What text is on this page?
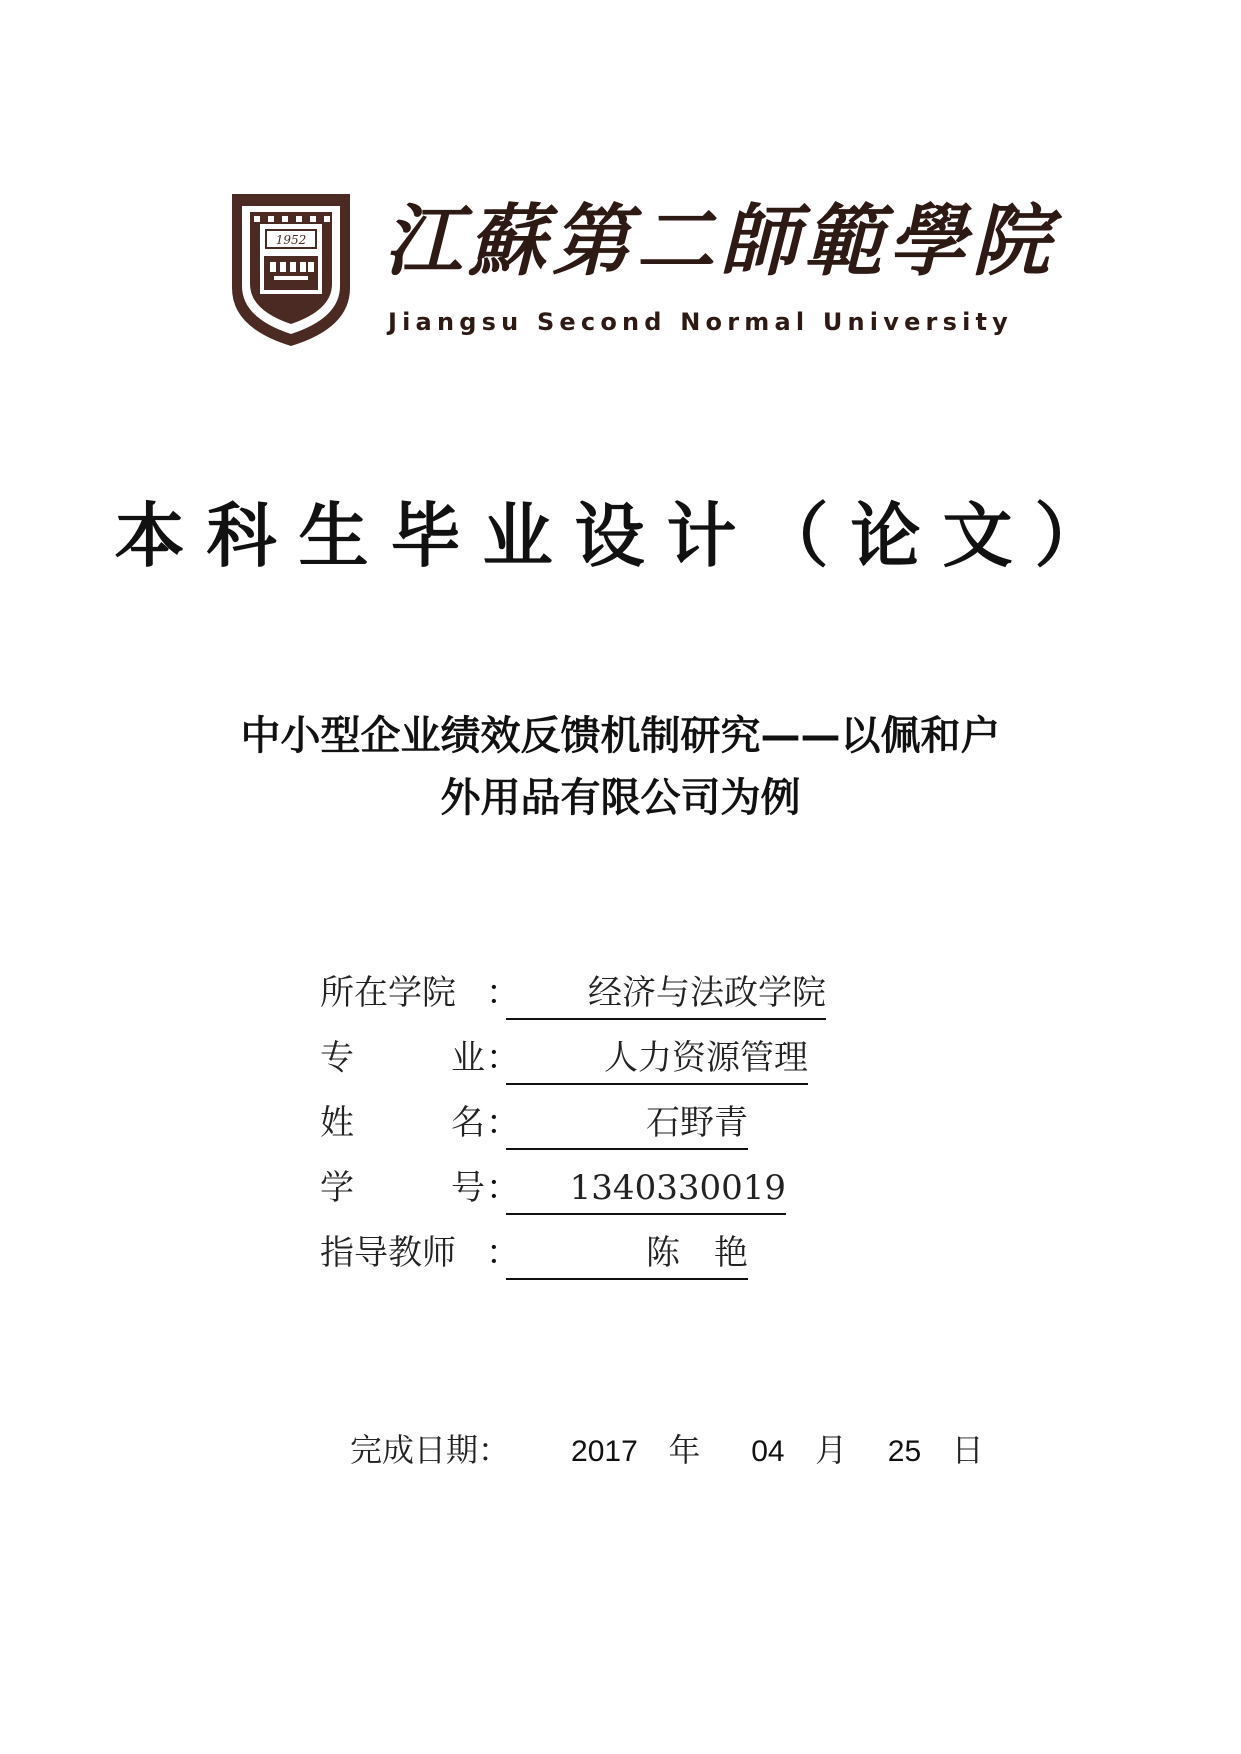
1952 江蘇第二師範學院
Jiangsu Second Normal University
本科生毕业设计（论文）
中小型企业绩效反馈机制研究——以佩和户
外用品有限公司为例
所在学院 ：	经济与法政学院
专	业 ：	人力资源管理
姓	名 ：	石野青
学	号 ：	1340330019
指导教师 ：	陈　艳
完成日期： 2017 年 04 月 25 日
